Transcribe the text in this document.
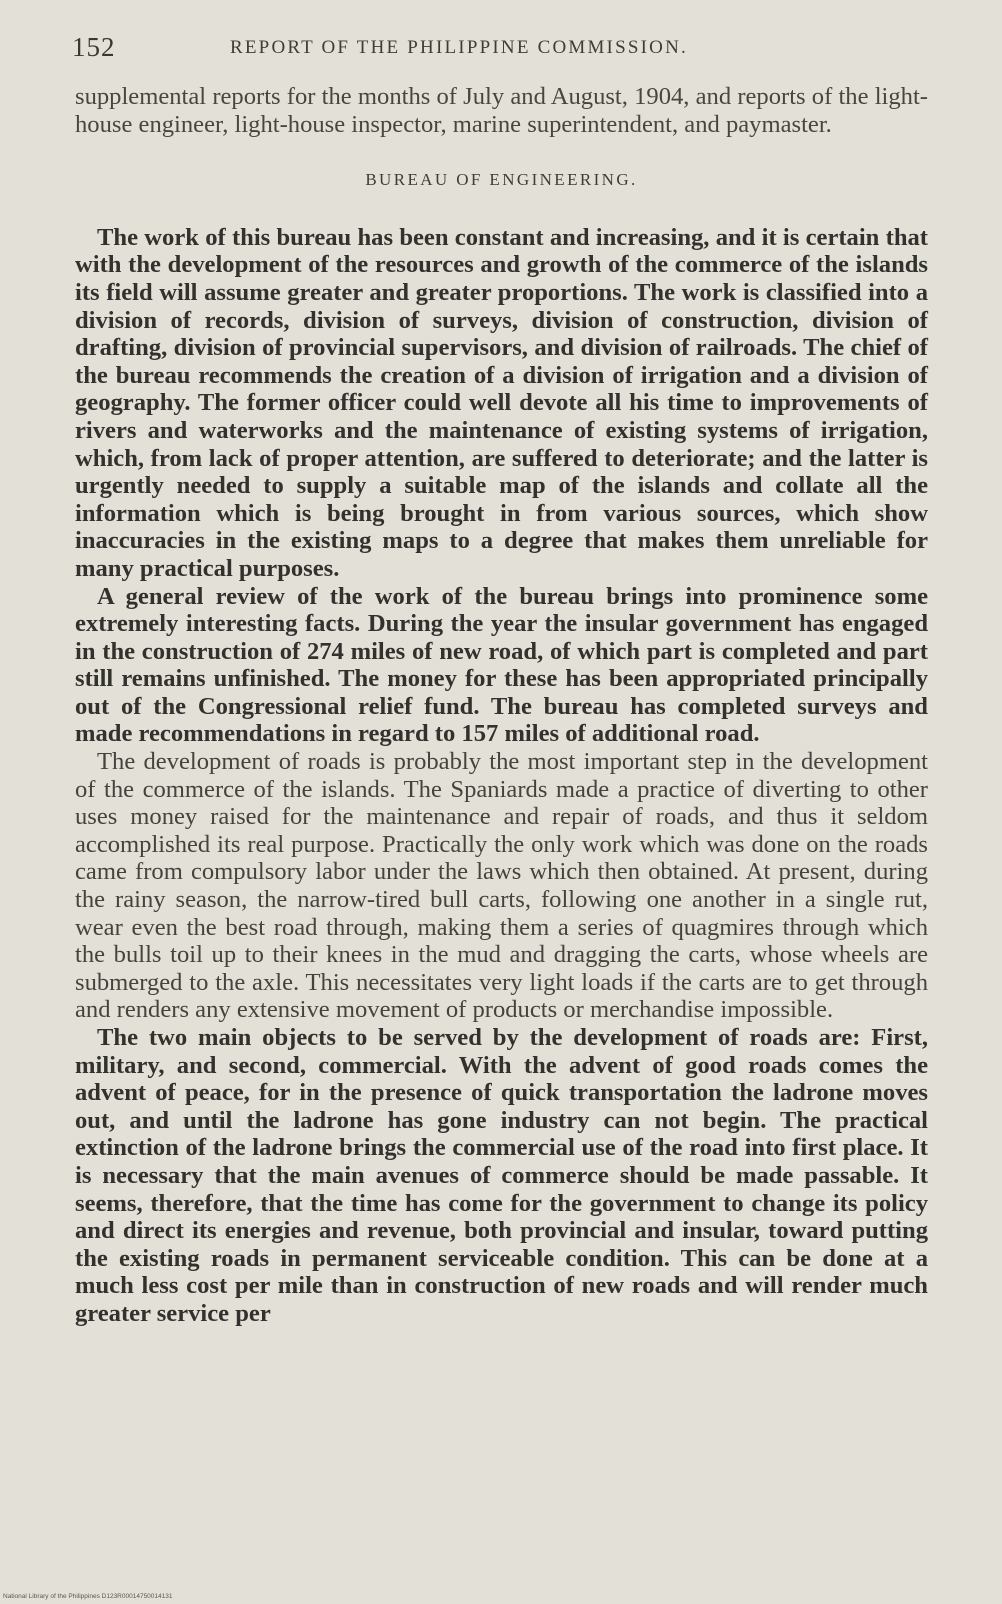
152	REPORT OF THE PHILIPPINE COMMISSION.

supplemental reports for the months of July and August, 1904, and reports of the light-house engineer, light-house inspector, marine superintendent, and paymaster.

BUREAU OF ENGINEERING.

The work of this bureau has been constant and increasing, and it is certain that with the development of the resources and growth of the commerce of the islands its field will assume greater and greater proportions. The work is classified into a division of records, division of surveys, division of construction, division of drafting, division of provincial supervisors, and division of railroads. The chief of the bureau recommends the creation of a division of irrigation and a division of geography. The former officer could well devote all his time to improvements of rivers and waterworks and the maintenance of existing systems of irrigation, which, from lack of proper attention, are suffered to deteriorate; and the latter is urgently needed to supply a suitable map of the islands and collate all the information which is being brought in from various sources, which show inaccuracies in the existing maps to a degree that makes them unreliable for many practical purposes.

A general review of the work of the bureau brings into prominence some extremely interesting facts. During the year the insular government has engaged in the construction of 274 miles of new road, of which part is completed and part still remains unfinished. The money for these has been appropriated principally out of the Congressional relief fund. The bureau has completed surveys and made recommendations in regard to 157 miles of additional road.

The development of roads is probably the most important step in the development of the commerce of the islands. The Spaniards made a practice of diverting to other uses money raised for the maintenance and repair of roads, and thus it seldom accomplished its real purpose. Practically the only work which was done on the roads came from compulsory labor under the laws which then obtained. At present, during the rainy season, the narrow-tired bull carts, following one another in a single rut, wear even the best road through, making them a series of quagmires through which the bulls toil up to their knees in the mud and dragging the carts, whose wheels are submerged to the axle. This necessitates very light loads if the carts are to get through and renders any extensive movement of products or merchandise impossible.

The two main objects to be served by the development of roads are: First, military, and second, commercial. With the advent of good roads comes the advent of peace, for in the presence of quick transportation the ladrone moves out, and until the ladrone has gone industry can not begin. The practical extinction of the ladrone brings the commercial use of the road into first place. It is necessary that the main avenues of commerce should be made passable. It seems, therefore, that the time has come for the government to change its policy and direct its energies and revenue, both provincial and insular, toward putting the existing roads in permanent serviceable condition. This can be done at a much less cost per mile than in construction of new roads and will render much greater service per

National Library of the Philippines D123R00014750014131
